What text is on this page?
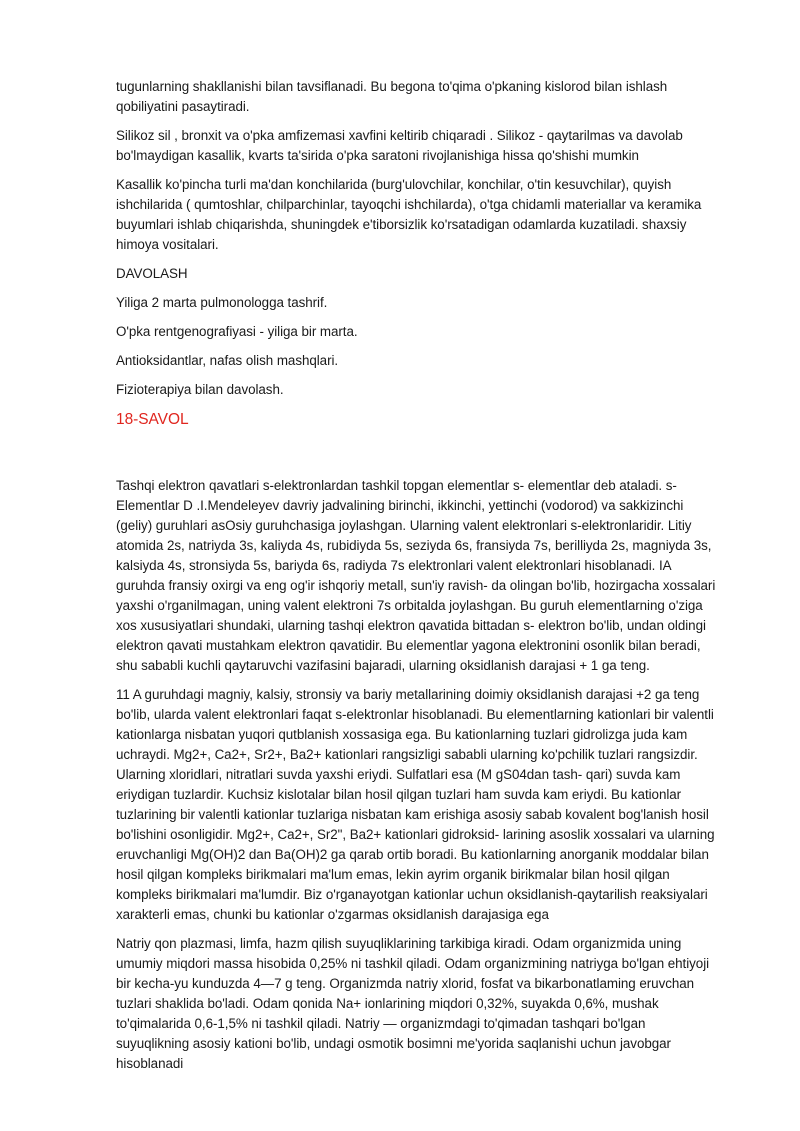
tugunlarning shakllanishi bilan tavsiflanadi. Bu begona to'qima o'pkaning kislorod bilan ishlash qobiliyatini pasaytiradi.

Silikoz sil , bronxit va o'pka amfizemasi xavfini keltirib chiqaradi . Silikoz - qaytarilmas va davolab bo'lmaydigan kasallik, kvarts ta'sirida o'pka saratoni rivojlanishiga hissa qo'shishi mumkin

Kasallik ko'pincha turli ma'dan konchilarida (burg'ulovchilar, konchilar, o'tin kesuvchilar), quyish ishchilarida ( qumtoshlar, chilparchinlar, tayoqchi ishchilarda), o'tga chidamli materiallar va keramika buyumlari ishlab chiqarishda, shuningdek e'tiborsizlik ko'rsatadigan odamlarda kuzatiladi. shaxsiy himoya vositalari.

DAVOLASH

Yiliga 2 marta pulmonologga tashrif.

O'pka rentgenografiyasi - yiliga bir marta.

Antioksidantlar, nafas olish mashqlari.

Fizioterapiya bilan davolash.

18-SAVOL

Tashqi elektron qavatlari s-elektronlardan tashkil topgan elementlar s- elementlar deb ataladi. s-Elementlar D .I.Mendeleyev davriy jadvalining birinchi, ikkinchi, yettinchi (vodorod) va sakkizinchi (geliy) guruhlari asOsiy guruhchasiga joylashgan. Ularning valent elektronlari s-elektronlaridir. Litiy atomida 2s, natriyda 3s, kaliyda 4s, rubidiyda 5s, seziyda 6s, fransiyda 7s, berilliyda 2s, magniyda 3s, kalsiyda 4s, stronsiyda 5s, bariyda 6s, radiyda 7s elektronlari valent elektronlari hisoblanadi. IA guruhda fransiy oxirgi va eng og'ir ishqoriy metall, sun'iy ravish- da olingan bo'lib, hozirgacha xossalari yaxshi o'rganilmagan, uning valent elektroni 7s orbitalda joylashgan. Bu guruh elementlarning o'ziga xos xususiyatlari shundaki, ularning tashqi elektron qavatida bittadan s- elektron bo'lib, undan oldingi elektron qavati mustahkam elektron qavatidir. Bu elementlar yagona elektronini osonlik bilan beradi, shu sababli kuchli qaytaruvchi vazifasini bajaradi, ularning oksidlanish darajasi + 1 ga teng.

11 A guruhdagi magniy, kalsiy, stronsiy va bariy metallarining doimiy oksidlanish darajasi +2 ga teng bo'lib, ularda valent elektronlari faqat s-elektronlar hisoblanadi. Bu elementlarning kationlari bir valentli kationlarga nisbatan yuqori qutblanish xossasiga ega. Bu kationlarning tuzlari gidrolizga juda kam uchraydi. Mg2+, Ca2+, Sr2+, Ba2+ kationlari rangsizligi sababli ularning ko'pchilik tuzlari rangsizdir. Ularning xloridlari, nitratlari suvda yaxshi eriydi. Sulfatlari esa (M gS04dan tash- qari) suvda kam eriydigan tuzlardir. Kuchsiz kislotalar bilan hosil qilgan tuzlari ham suvda kam eriydi. Bu kationlar tuzlarining bir valentli kationlar tuzlariga nisbatan kam erishiga asosiy sabab kovalent bog'lanish hosil bo'lishini osonligidir. Mg2+, Ca2+, Sr2", Ba2+ kationlari gidroksid- larining asoslik xossalari va ularning eruvchanligi Mg(OH)2 dan Ba(OH)2 ga qarab ortib boradi. Bu kationlarning anorganik moddalar bilan hosil qilgan kompleks birikmalari ma'lum emas, lekin ayrim organik birikmalar bilan hosil qilgan kompleks birikmalari ma'lumdir. Biz o'rganayotgan kationlar uchun oksidlanish-qaytarilish reaksiyalari xarakterli emas, chunki bu kationlar o'zgarmas oksidlanish darajasiga ega

Natriy qon plazmasi, limfa, hazm qilish suyuqliklarining tarkibiga kiradi. Odam organizmida uning umumiy miqdori massa hisobida 0,25% ni tashkil qiladi. Odam organizmining natriyga bo'lgan ehtiyoji bir kecha-yu kunduzda 4—7 g teng. Organizmda natriy xlorid, fosfat va bikarbonatlaming eruvchan tuzlari shaklida bo'ladi. Odam qonida Na+ ionlarining miqdori 0,32%, suyakda 0,6%, mushak to'qimalarida 0,6-1,5% ni tashkil qiladi. Natriy — organizmdagi to'qimadan tashqari bo'lgan suyuqlikning asosiy kationi bo'lib, undagi osmotik bosimni me'yorida saqlanishi uchun javobgar hisoblanadi
